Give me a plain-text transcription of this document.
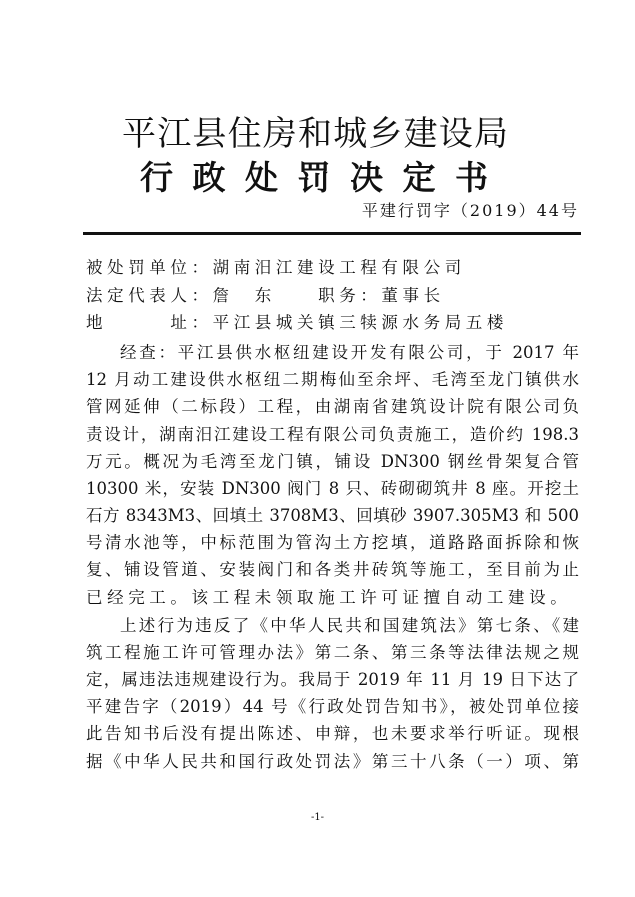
平江县住房和城乡建设局
行政处罚决定书
平建行罚字（2019）44号
被处罚单位：湖南汨江建设工程有限公司
法定代表人：詹　东　　职务：董事长
地　　　址：平江县城关镇三犊源水务局五楼
经查：平江县供水枢纽建设开发有限公司，于 2017 年
12 月动工建设供水枢纽二期梅仙至余坪、毛湾至龙门镇供水
管网延伸（二标段）工程，由湖南省建筑设计院有限公司负
责设计，湖南汨江建设工程有限公司负责施工，造价约 198.3
万元。概况为毛湾至龙门镇，铺设 DN300 钢丝骨架复合管
10300 米，安装 DN300 阀门 8 只、砖砌砌筑井 8 座。开挖土
石方 8343M3、回填土 3708M3、回填砂 3907.305M3 和 500
号清水池等，中标范围为管沟土方挖填，道路路面拆除和恢
复、铺设管道、安装阀门和各类井砖筑等施工，至目前为止
已经完工。该工程未领取施工许可证擅自动工建设。
上述行为违反了《中华人民共和国建筑法》第七条、《建
筑工程施工许可管理办法》第二条、第三条等法律法规之规
定，属违法违规建设行为。我局于 2019 年 11 月 19 日下达了
平建告字（2019）44 号《行政处罚告知书》，被处罚单位接
此告知书后没有提出陈述、申辩，也未要求举行听证。现根
据《中华人民共和国行政处罚法》第三十八条（一）项、第
-1-
